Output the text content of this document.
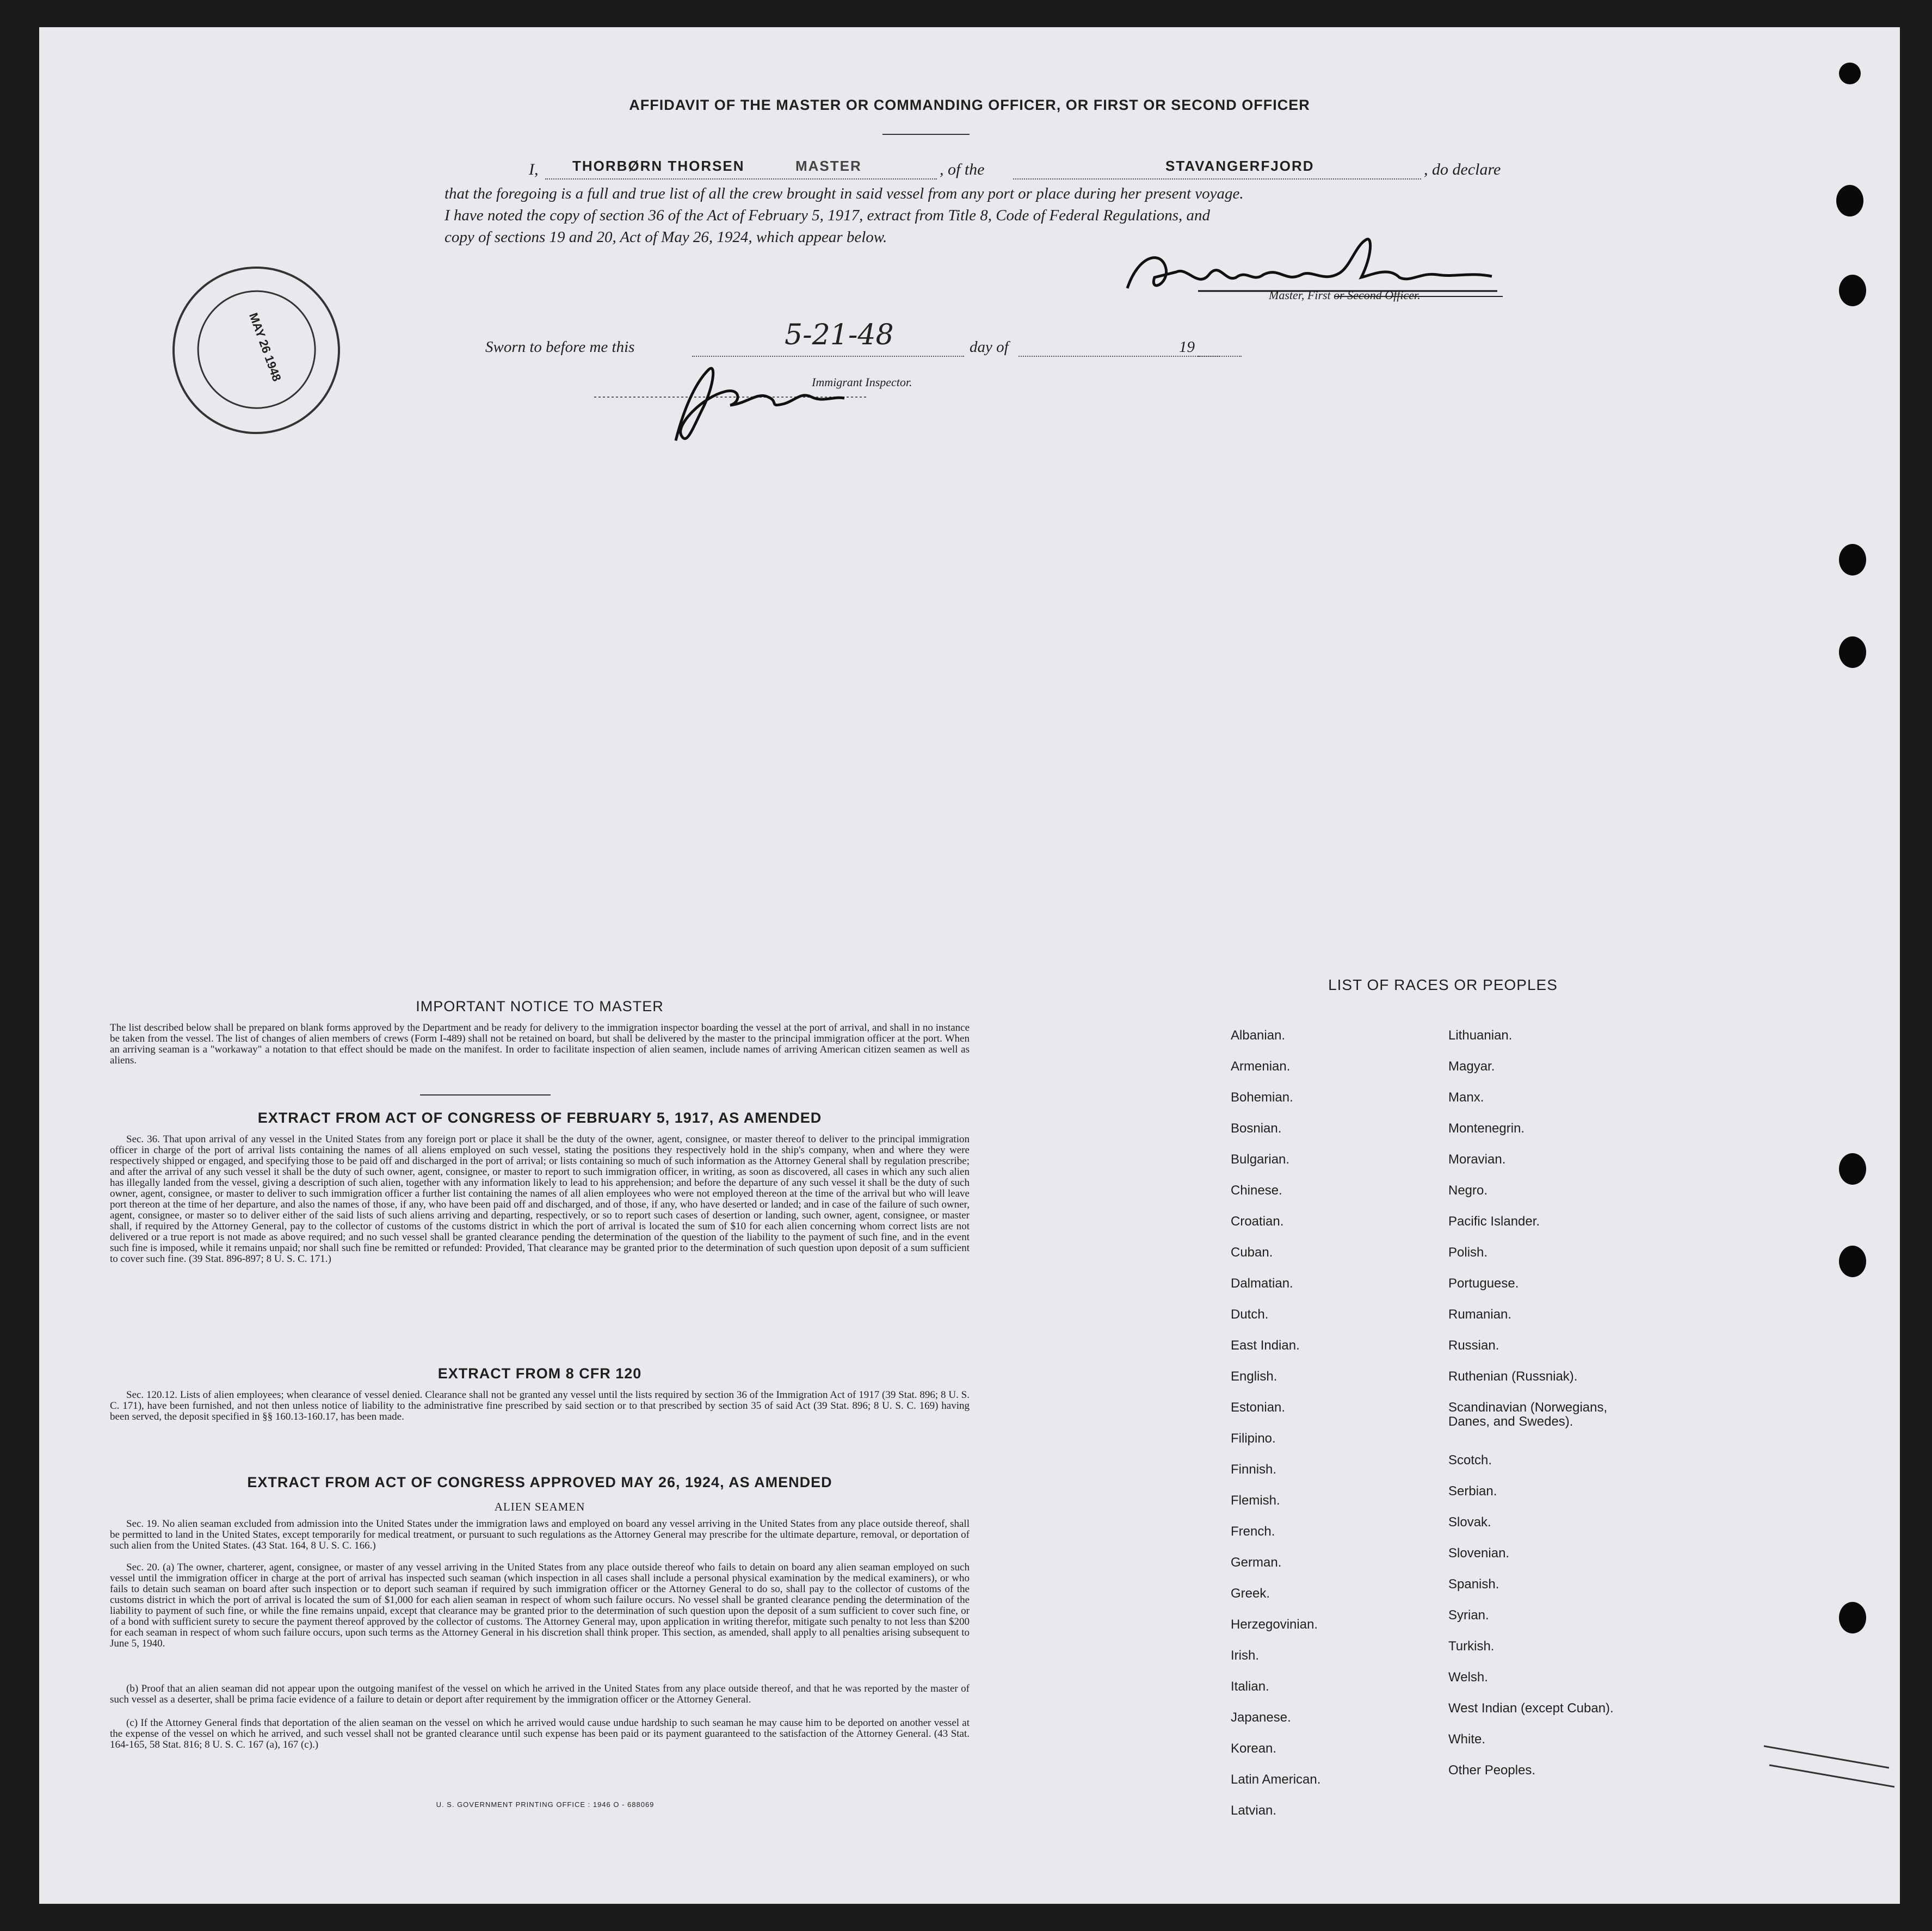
AFFIDAVIT OF THE MASTER OR COMMANDING OFFICER, OR FIRST OR SECOND OFFICER
I, THORBØRN THORSEN	MASTER	, of the	STAVANGERFJORD	, do declare
that the foregoing is a full and true list of all the crew brought in said vessel from any port or place during her present voyage.
I have noted the copy of section 36 of the Act of February 5, 1917, extract from Title 8, Code of Federal Regulations, and
copy of sections 19 and 20, Act of May 26, 1924, which appear below.
Master, First or Second Officer.
Sworn to before me this	5-21-48	day of	19
Immigrant Inspector.
MAY 26 1948
IMPORTANT NOTICE TO MASTER
The list described below shall be prepared on blank forms approved by the Department and be ready for delivery to the immigration inspector boarding the vessel at the port of arrival, and shall in no instance be taken from the vessel. The list of changes of alien members of crews (Form I-489) shall not be retained on board, but shall be delivered by the master to the principal immigration officer at the port. When an arriving seaman is a "workaway" a notation to that effect should be made on the manifest. In order to facilitate inspection of alien seamen, include names of arriving American citizen seamen as well as aliens.
EXTRACT FROM ACT OF CONGRESS OF FEBRUARY 5, 1917, AS AMENDED
Sec. 36. That upon arrival of any vessel in the United States from any foreign port or place it shall be the duty of the owner, agent, consignee, or master thereof to deliver to the principal immigration officer in charge of the port of arrival lists containing the names of all aliens employed on such vessel, stating the positions they respectively hold in the ship's company, when and where they were respectively shipped or engaged, and specifying those to be paid off and discharged in the port of arrival; or lists containing so much of such information as the Attorney General shall by regulation prescribe; and after the arrival of any such vessel it shall be the duty of such owner, agent, consignee, or master to report to such immigration officer, in writing, as soon as discovered, all cases in which any such alien has illegally landed from the vessel, giving a description of such alien, together with any information likely to lead to his apprehension; and before the departure of any such vessel it shall be the duty of such owner, agent, consignee, or master to deliver to such immigration officer a further list containing the names of all alien employees who were not employed thereon at the time of the arrival but who will leave port thereon at the time of her departure, and also the names of those, if any, who have been paid off and discharged, and of those, if any, who have deserted or landed; and in case of the failure of such owner, agent, consignee, or master so to deliver either of the said lists of such aliens arriving and departing, respectively, or so to report such cases of desertion or landing, such owner, agent, consignee, or master shall, if required by the Attorney General, pay to the collector of customs of the customs district in which the port of arrival is located the sum of $10 for each alien concerning whom correct lists are not delivered or a true report is not made as above required; and no such vessel shall be granted clearance pending the determination of the question of the liability to the payment of such fine, and in the event such fine is imposed, while it remains unpaid; nor shall such fine be remitted or refunded: Provided, That clearance may be granted prior to the determination of such question upon deposit of a sum sufficient to cover such fine. (39 Stat. 896-897; 8 U. S. C. 171.)
EXTRACT FROM 8 CFR 120
Sec. 120.12. Lists of alien employees; when clearance of vessel denied. Clearance shall not be granted any vessel until the lists required by section 36 of the Immigration Act of 1917 (39 Stat. 896; 8 U. S. C. 171), have been furnished, and not then unless notice of liability to the administrative fine prescribed by said section or to that prescribed by section 35 of said Act (39 Stat. 896; 8 U. S. C. 169) having been served, the deposit specified in §§ 160.13-160.17, has been made.
EXTRACT FROM ACT OF CONGRESS APPROVED MAY 26, 1924, AS AMENDED
ALIEN SEAMEN
Sec. 19. No alien seaman excluded from admission into the United States under the immigration laws and employed on board any vessel arriving in the United States from any place outside thereof, shall be permitted to land in the United States, except temporarily for medical treatment, or pursuant to such regulations as the Attorney General may prescribe for the ultimate departure, removal, or deportation of such alien from the United States. (43 Stat. 164, 8 U. S. C. 166.)
Sec. 20. (a) The owner, charterer, agent, consignee, or master of any vessel arriving in the United States from any place outside thereof who fails to detain on board any alien seaman employed on such vessel until the immigration officer in charge at the port of arrival has inspected such seaman (which inspection in all cases shall include a personal physical examination by the medical examiners), or who fails to detain such seaman on board after such inspection or to deport such seaman if required by such immigration officer or the Attorney General to do so, shall pay to the collector of customs of the customs district in which the port of arrival is located the sum of $1,000 for each alien seaman in respect of whom such failure occurs. No vessel shall be granted clearance pending the determination of the liability to payment of such fine, or while the fine remains unpaid, except that clearance may be granted prior to the determination of such question upon the deposit of a sum sufficient to cover such fine, or of a bond with sufficient surety to secure the payment thereof approved by the collector of customs. The Attorney General may, upon application in writing therefor, mitigate such penalty to not less than $200 for each seaman in respect of whom such failure occurs, upon such terms as the Attorney General in his discretion shall think proper. This section, as amended, shall apply to all penalties arising subsequent to June 5, 1940.
(b) Proof that an alien seaman did not appear upon the outgoing manifest of the vessel on which he arrived in the United States from any place outside thereof, and that he was reported by the master of such vessel as a deserter, shall be prima facie evidence of a failure to detain or deport after requirement by the immigration officer or the Attorney General.
(c) If the Attorney General finds that deportation of the alien seaman on the vessel on which he arrived would cause undue hardship to such seaman he may cause him to be deported on another vessel at the expense of the vessel on which he arrived, and such vessel shall not be granted clearance until such expense has been paid or its payment guaranteed to the satisfaction of the Attorney General. (43 Stat. 164-165, 58 Stat. 816; 8 U. S. C. 167 (a), 167 (c).)
U. S. GOVERNMENT PRINTING OFFICE : 1946 O - 688069
LIST OF RACES OR PEOPLES
Albanian.
Armenian.
Bohemian.
Bosnian.
Bulgarian.
Chinese.
Croatian.
Cuban.
Dalmatian.
Dutch.
East Indian.
English.
Estonian.
Filipino.
Finnish.
Flemish.
French.
German.
Greek.
Herzegovinian.
Irish.
Italian.
Japanese.
Korean.
Latin American.
Latvian.
Lithuanian.
Magyar.
Manx.
Montenegrin.
Moravian.
Negro.
Pacific Islander.
Polish.
Portuguese.
Rumanian.
Russian.
Ruthenian (Russniak).
Scandinavian (Norwegians,
Danes, and Swedes).
Scotch.
Serbian.
Slovak.
Slovenian.
Spanish.
Syrian.
Turkish.
Welsh.
West Indian (except Cuban).
White.
Other Peoples.
